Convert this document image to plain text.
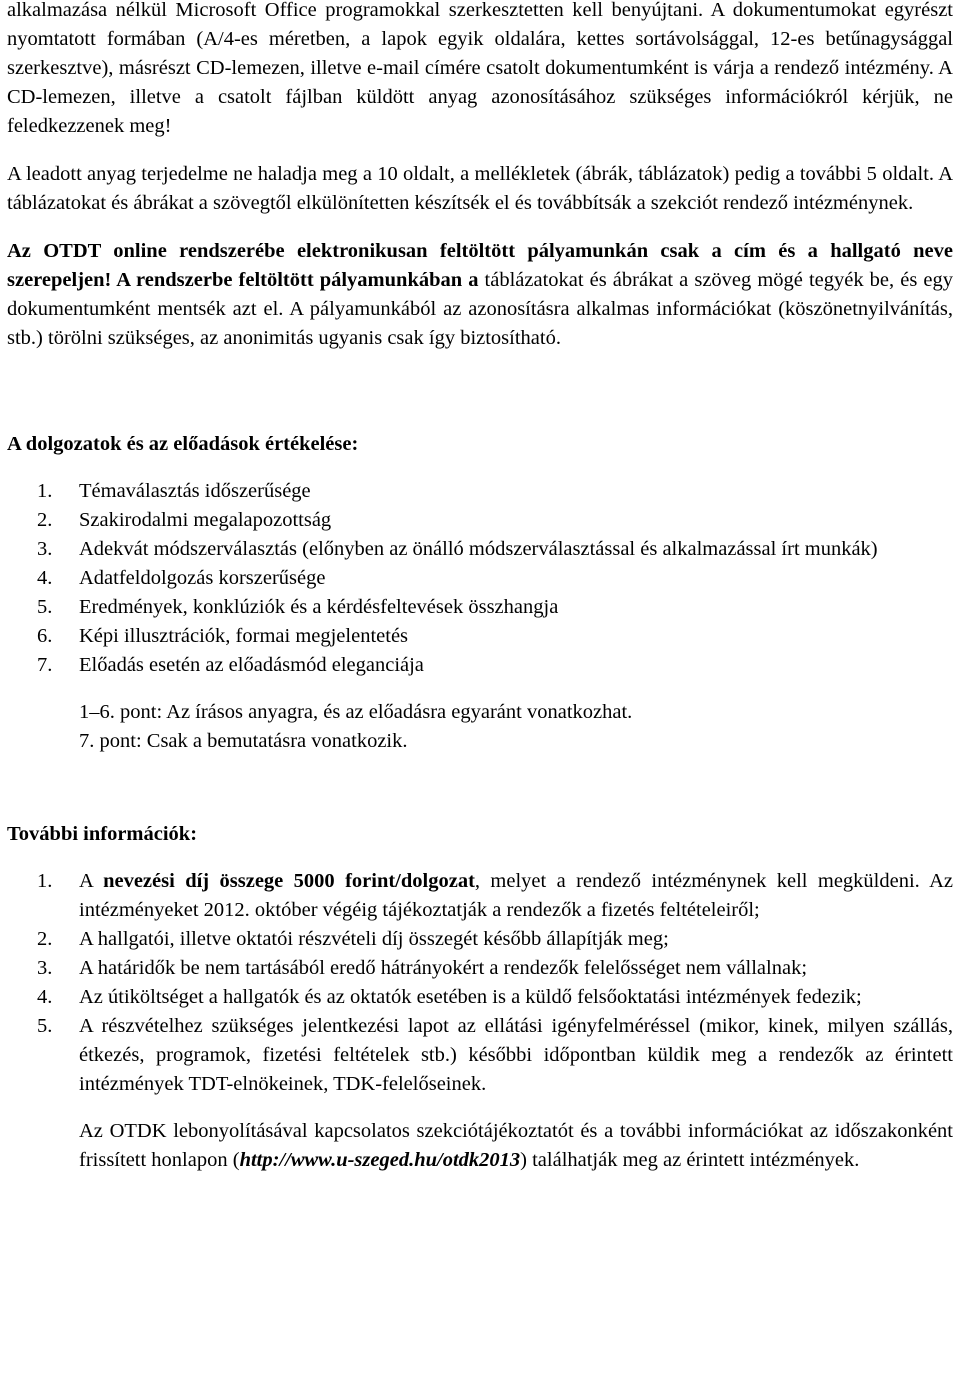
alkalmazása nélkül Microsoft Office programokkal szerkesztetten kell benyújtani. A dokumentumokat egyrészt nyomtatott formában (A/4-es méretben, a lapok egyik oldalára, kettes sortávolsággal, 12-es betűnagysággal szerkesztve), másrészt CD-lemezen, illetve e-mail címére csatolt dokumentumként is várja a rendező intézmény. A CD-lemezen, illetve a csatolt fájlban küldött anyag azonosításához szükséges információkról kérjük, ne feledkezzenek meg!

A leadott anyag terjedelme ne haladja meg a 10 oldalt, a mellékletek (ábrák, táblázatok) pedig a további 5 oldalt. A táblázatokat és ábrákat a szövegtől elkülönítetten készítsék el és továbbítsák a szekciót rendező intézménynek.

Az OTDT online rendszerébe elektronikusan feltöltött pályamunkán csak a cím és a hallgató neve szerepeljen! A rendszerbe feltöltött pályamunkában a táblázatokat és ábrákat a szöveg mögé tegyék be, és egy dokumentumként mentsék azt el. A pályamunkából az azonosításra alkalmas információkat (köszönetnyilvánítás, stb.) törölni szükséges, az anonimitás ugyanis csak így biztosítható.

A dolgozatok és az előadások értékelése:
1. Témaválasztás időszerűsége
2. Szakirodalmi megalapozottság
3. Adekvát módszerválasztás (előnyben az önálló módszerválasztással és alkalmazással írt munkák)
4. Adatfeldolgozás korszerűsége
5. Eredmények, konklúziók és a kérdésfeltevések összhangja
6. Képi illusztrációk, formai megjelentetés
7. Előadás esetén az előadásmód eleganciája

1–6. pont: Az írásos anyagra, és az előadásra egyaránt vonatkozhat.

7. pont: Csak a bemutatásra vonatkozik.

További információk:
1. A nevezési díj összege 5000 forint/dolgozat, melyet a rendező intézménynek kell megküldeni. Az intézményeket 2012. október végéig tájékoztatják a rendezők a fizetés feltételeiről;
2. A hallgatói, illetve oktatói részvételi díj összegét később állapítják meg;
3. A határidők be nem tartásából eredő hátrányokért a rendezők felelősséget nem vállalnak;
4. Az útiköltséget a hallgatók és az oktatók esetében is a küldő felsőoktatási intézmények fedezik;
5. A részvételhez szükséges jelentkezési lapot az ellátási igényfelméréssel (mikor, kinek, milyen szállás, étkezés, programok, fizetési feltételek stb.) későbbi időpontban küldik meg a rendezők az érintett intézmények TDT-elnökeinek, TDK-felelőseinek.

Az OTDK lebonyolításával kapcsolatos szekciótájékoztatót és a további információkat az időszakonként frissített honlapon (http://www.u-szeged.hu/otdk2013) találhatják meg az érintett intézmények.
